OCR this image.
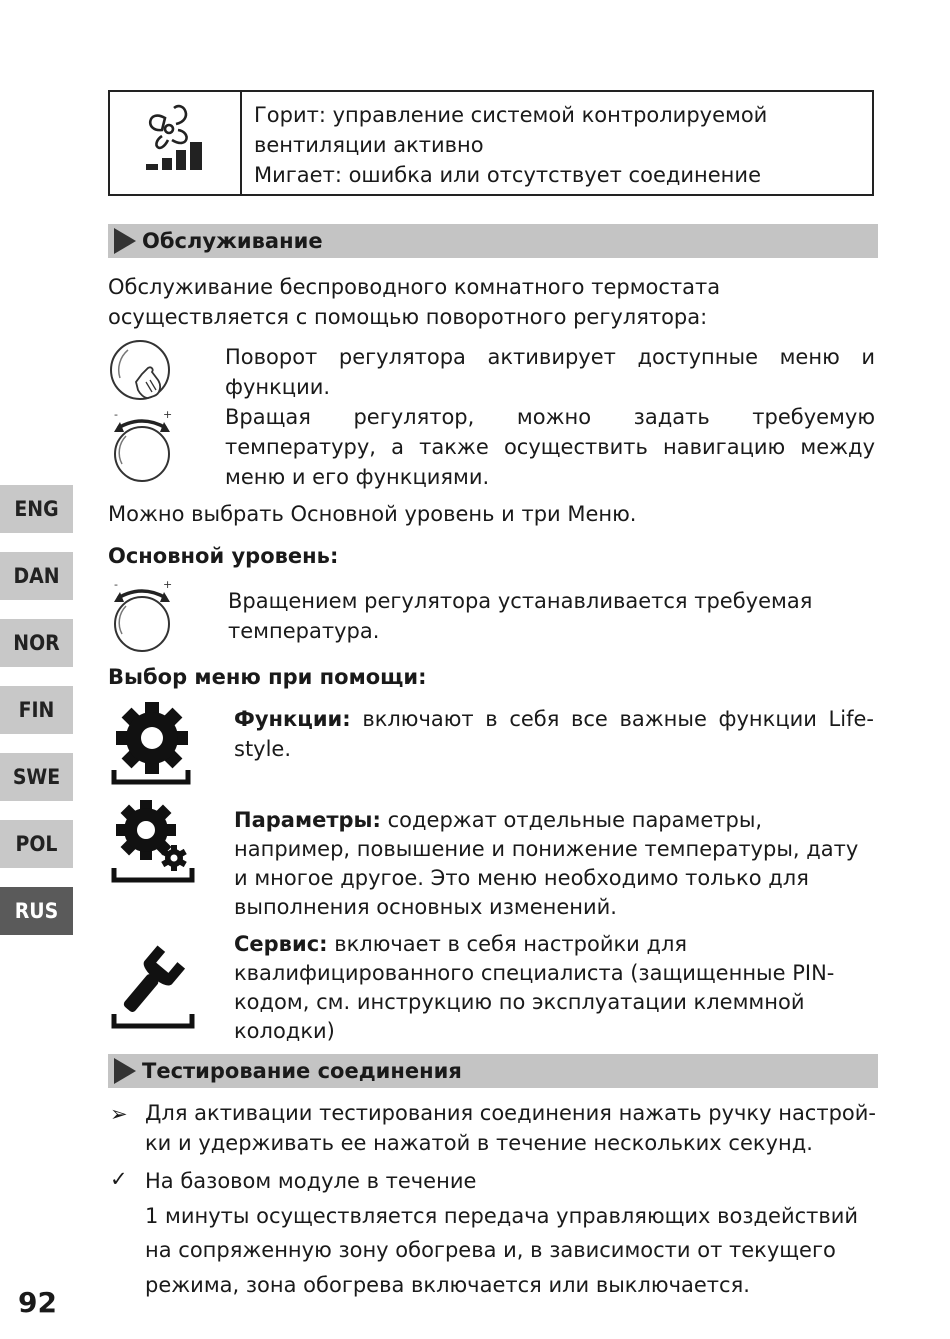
Горит: управление системой контролируемой
вентиляции активно
Мигает: ошибка или отсутствует соединение
Обслуживание
Обслуживание беспроводного комнатного термостата
осуществляется с помощью поворотного регулятора:
-	+
Поворот регулятора активирует доступные меню и функции.
Вращая регулятор, можно задать требуемую температуру, а также осуществить навигацию между меню и его функциями.
Можно выбрать Основной уровень и три Меню.
Основной уровень:
-	+
Вращением регулятора устанавливается требуемая
температура.
Выбор меню при помощи:
Функции: включают в себя все важные функции Life-style.
Параметры: содержат отдельные параметры, например, повышение и понижение температуры, дату и многое другое. Это меню необходимо только для выполнения основных изменений.
Сервис: включает в себя настройки для квалифицированного специалиста (защищенные PIN-кодом, см. инструкцию по эксплуатации клеммной колодки)
Тестирование соединения
➢ Для активации тестирования соединения нажать ручку настрой-
ки и удерживать ее нажатой в течение нескольких секунд.
✓ На базовом модуле в течение
1 минуты осуществляется передача управляющих воздействий
на сопряженную зону обогрева и, в зависимости от текущего
режима, зона обогрева включается или выключается.
ENG
DAN
NOR
FIN
SWE
POL
RUS
92
